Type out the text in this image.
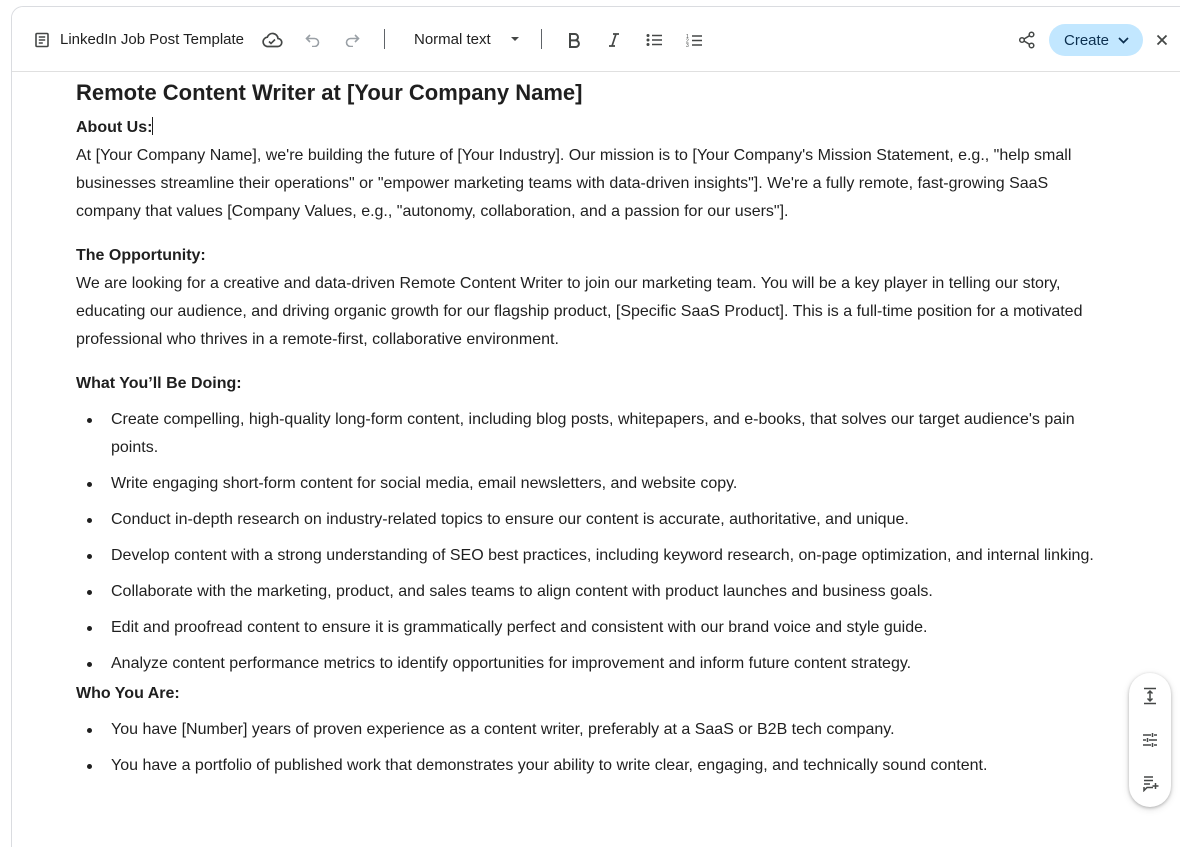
LinkedIn Job Post Template	Normal text	1
2
3	Create
Remote Content Writer at [Your Company Name]

About Us:

At [Your Company Name], we're building the future of [Your Industry]. Our mission is to [Your Company's Mission Statement, e.g., "help small businesses streamline their operations" or "empower marketing teams with data-driven insights"]. We're a fully remote, fast-growing SaaS company that values [Company Values, e.g., "autonomy, collaboration, and a passion for our users"].

The Opportunity:

We are looking for a creative and data-driven Remote Content Writer to join our marketing team. You will be a key player in telling our story, educating our audience, and driving organic growth for our flagship product, [Specific SaaS Product]. This is a full-time position for a motivated professional who thrives in a remote-first, collaborative environment.

What You’ll Be Doing:

Create compelling, high-quality long-form content, including blog posts, whitepapers, and e-books, that solves our target audience's pain points.
Write engaging short-form content for social media, email newsletters, and website copy.
Conduct in-depth research on industry-related topics to ensure our content is accurate, authoritative, and unique.
Develop content with a strong understanding of SEO best practices, including keyword research, on-page optimization, and internal linking.
Collaborate with the marketing, product, and sales teams to align content with product launches and business goals.
Edit and proofread content to ensure it is grammatically perfect and consistent with our brand voice and style guide.
Analyze content performance metrics to identify opportunities for improvement and inform future content strategy.

Who You Are:

You have [Number] years of proven experience as a content writer, preferably at a SaaS or B2B tech company.
You have a portfolio of published work that demonstrates your ability to write clear, engaging, and technically sound content.
